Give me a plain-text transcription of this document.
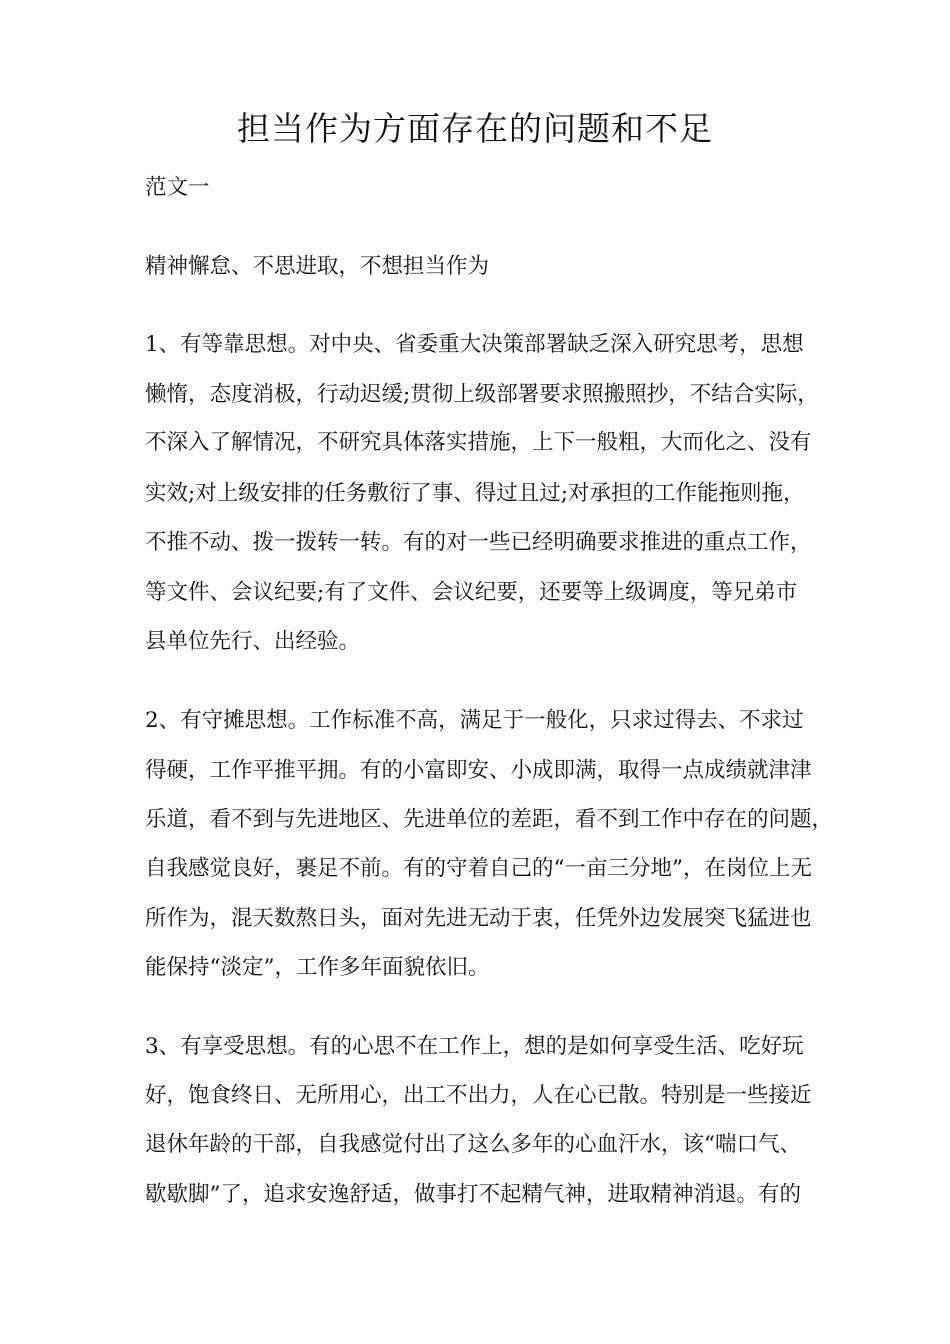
担当作为方面存在的问题和不足
范文一
精神懈怠、不思进取，不想担当作为
1、有等靠思想。对中央、省委重大决策部署缺乏深入研究思考，思想
懒惰，态度消极，行动迟缓;贯彻上级部署要求照搬照抄，不结合实际，
不深入了解情况，不研究具体落实措施，上下一般粗，大而化之、没有
实效;对上级安排的任务敷衍了事、得过且过;对承担的工作能拖则拖，
不推不动、拨一拨转一转。有的对一些已经明确要求推进的重点工作，
等文件、会议纪要;有了文件、会议纪要，还要等上级调度，等兄弟市
县单位先行、出经验。
2、有守摊思想。工作标准不高，满足于一般化，只求过得去、不求过
得硬，工作平推平拥。有的小富即安、小成即满，取得一点成绩就津津
乐道，看不到与先进地区、先进单位的差距，看不到工作中存在的问题，
自我感觉良好，裹足不前。有的守着自己的“一亩三分地”，在岗位上无
所作为，混天数熬日头，面对先进无动于衷，任凭外边发展突飞猛进也
能保持“淡定”，工作多年面貌依旧。
3、有享受思想。有的心思不在工作上，想的是如何享受生活、吃好玩
好，饱食终日、无所用心，出工不出力，人在心已散。特别是一些接近
退休年龄的干部，自我感觉付出了这么多年的心血汗水，该“喘口气、
歇歇脚”了，追求安逸舒适，做事打不起精气神，进取精神消退。有的
